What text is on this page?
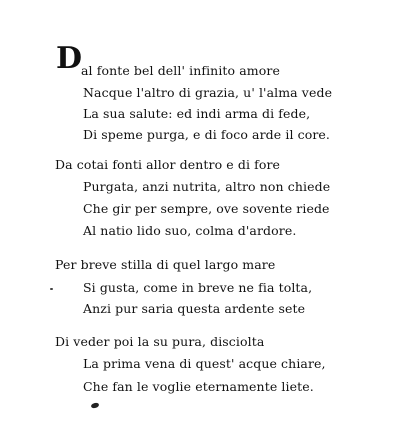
D
al fonte bel dell' infinito amore
Nacque l'altro di grazia, u' l'alma vede
La sua salute: ed indi arma di fede,
Di speme purga, e di foco arde il core.
Da cotai fonti allor dentro e di fore
Purgata, anzi nutrita, altro non chiede
Che gir per sempre, ove sovente riede
Al natio lido suo, colma d'ardore.
Per breve stilla di quel largo mare
Si gusta, come in breve ne fia tolta,
Anzi pur saria questa ardente sete
Di veder poi la su pura, disciolta
La prima vena di quest' acque chiare,
Che fan le voglie eternamente liete.
